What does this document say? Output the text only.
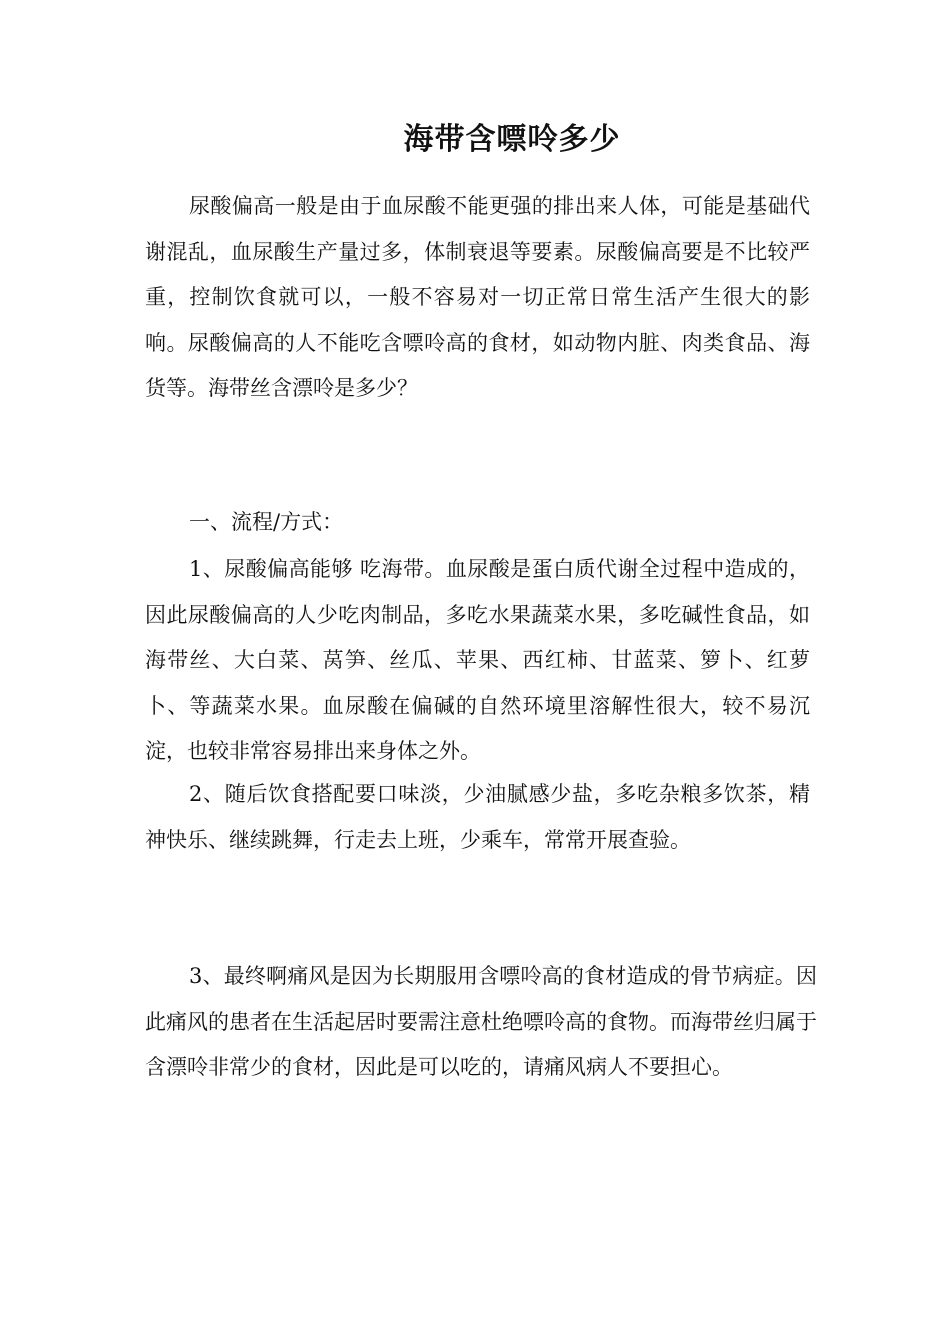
海带含嘌呤多少

尿酸偏高一般是由于血尿酸不能更强的排出来人体，可能是基础代谢混乱，血尿酸生产量过多，体制衰退等要素。尿酸偏高要是不比较严重，控制饮食就可以，一般不容易对一切正常日常生活产生很大的影响。尿酸偏高的人不能吃含嘌呤高的食材，如动物内脏、肉类食品、海货等。海带丝含漂呤是多少？

一、流程/方式：

1、尿酸偏高能够 吃海带。血尿酸是蛋白质代谢全过程中造成的，因此尿酸偏高的人少吃肉制品，多吃水果蔬菜水果，多吃碱性食品，如海带丝、大白菜、莴笋、丝瓜、苹果、西红柿、甘蓝菜、箩卜、红萝卜、等蔬菜水果。血尿酸在偏碱的自然环境里溶解性很大，较不易沉淀，也较非常容易排出来身体之外。

2、随后饮食搭配要口味淡，少油腻感少盐，多吃杂粮多饮茶，精神快乐、继续跳舞，行走去上班，少乘车，常常开展查验。

3、最终啊痛风是因为长期服用含嘌呤高的食材造成的骨节病症。因此痛风的患者在生活起居时要需注意杜绝嘌呤高的食物。而海带丝归属于含漂呤非常少的食材，因此是可以吃的，请痛风病人不要担心。
